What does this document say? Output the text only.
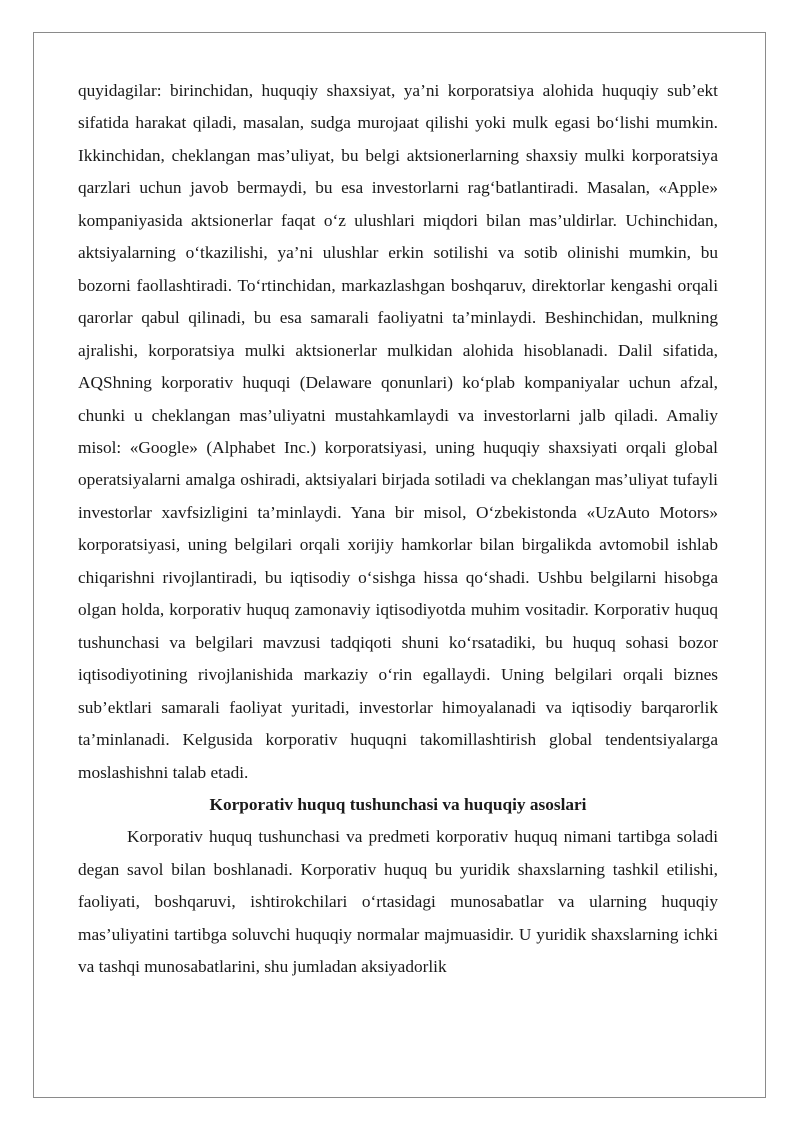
quyidagilar: birinchidan, huquqiy shaxsiyat, ya’ni korporatsiya alohida huquqiy sub’ekt sifatida harakat qiladi, masalan, sudga murojaat qilishi yoki mulk egasi bo‘lishi mumkin. Ikkinchidan, cheklangan mas’uliyat, bu belgi aktsionerlarning shaxsiy mulki korporatsiya qarzlari uchun javob bermaydi, bu esa investorlarni rag‘batlantiradi. Masalan, «Apple» kompaniyasida aktsionerlar faqat o‘z ulushlari miqdori bilan mas’uldirlar. Uchinchidan, aktsiyalarning o‘tkazilishi, ya’ni ulushlar erkin sotilishi va sotib olinishi mumkin, bu bozorni faollashtiradi. To‘rtinchidan, markazlashgan boshqaruv, direktorlar kengashi orqali qarorlar qabul qilinadi, bu esa samarali faoliyatni ta’minlaydi. Beshinchidan, mulkning ajralishi, korporatsiya mulki aktsionerlar mulkidan alohida hisoblanadi. Dalil sifatida, AQShning korporativ huquqi (Delaware qonunlari) ko‘plab kompaniyalar uchun afzal, chunki u cheklangan mas’uliyatni mustahkamlaydi va investorlarni jalb qiladi. Amaliy misol: «Google» (Alphabet Inc.) korporatsiyasi, uning huquqiy shaxsiyati orqali global operatsiyalarni amalga oshiradi, aktsiyalari birjada sotiladi va cheklangan mas’uliyat tufayli investorlar xavfsizligini ta’minlaydi. Yana bir misol, O‘zbekistonda «UzAuto Motors» korporatsiyasi, uning belgilari orqali xorijiy hamkorlar bilan birgalikda avtomobil ishlab chiqarishni rivojlantiradi, bu iqtisodiy o‘sishga hissa qo‘shadi. Ushbu belgilarni hisobga olgan holda, korporativ huquq zamonaviy iqtisodiyotda muhim vositadir. Korporativ huquq tushunchasi va belgilari mavzusi tadqiqoti shuni ko‘rsatadiki, bu huquq sohasi bozor iqtisodiyotining rivojlanishida markaziy o‘rin egallaydi. Uning belgilari orqali biznes sub’ektlari samarali faoliyat yuritadi, investorlar himoyalanadi va iqtisodiy barqarorlik ta’minlanadi. Kelgusida korporativ huquqni takomillashtirish global tendentsiyalarga moslashishni talab etadi.

Korporativ huquq tushunchasi va huquqiy asoslari

Korporativ huquq tushunchasi va predmeti korporativ huquq nimani tartibga soladi degan savol bilan boshlanadi. Korporativ huquq bu yuridik shaxslarning tashkil etilishi, faoliyati, boshqaruvi, ishtirokchilari o‘rtasidagi munosabatlar va ularning huquqiy mas’uliyatini tartibga soluvchi huquqiy normalar majmuasidir. U yuridik shaxslarning ichki va tashqi munosabatlarini, shu jumladan aksiyadorlik
